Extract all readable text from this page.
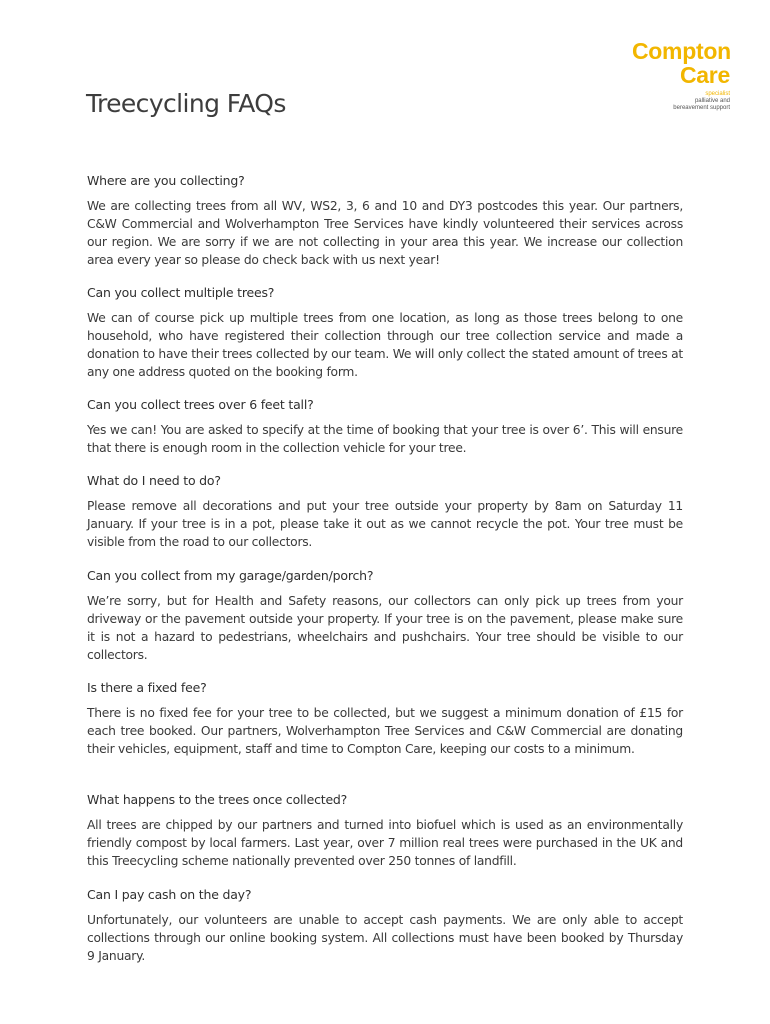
Compton
Care
specialist
palliative and
bereavement support
Treecycling FAQs

Where are you collecting?

We are collecting trees from all WV, WS2, 3, 6 and 10 and DY3 postcodes this year. Our partners, C&W Commercial and Wolverhampton Tree Services have kindly volunteered their services across our region. We are sorry if we are not collecting in your area this year. We increase our collection area every year so please do check back with us next year!

Can you collect multiple trees?

We can of course pick up multiple trees from one location, as long as those trees belong to one household, who have registered their collection through our tree collection service and made a donation to have their trees collected by our team. We will only collect the stated amount of trees at any one address quoted on the booking form.

Can you collect trees over 6 feet tall?

Yes we can! You are asked to specify at the time of booking that your tree is over 6’. This will ensure that there is enough room in the collection vehicle for your tree.

What do I need to do?

Please remove all decorations and put your tree outside your property by 8am on Saturday 11 January. If your tree is in a pot, please take it out as we cannot recycle the pot. Your tree must be visible from the road to our collectors.

Can you collect from my garage/garden/porch?

We’re sorry, but for Health and Safety reasons, our collectors can only pick up trees from your driveway or the pavement outside your property. If your tree is on the pavement, please make sure it is not a hazard to pedestrians, wheelchairs and pushchairs. Your tree should be visible to our collectors.

Is there a fixed fee?

There is no fixed fee for your tree to be collected, but we suggest a minimum donation of £15 for each tree booked. Our partners, Wolverhampton Tree Services and C&W Commercial are donating their vehicles, equipment, staff and time to Compton Care, keeping our costs to a minimum.

What happens to the trees once collected?

All trees are chipped by our partners and turned into biofuel which is used as an environmentally friendly compost by local farmers. Last year, over 7 million real trees were purchased in the UK and this Treecycling scheme nationally prevented over 250 tonnes of landfill.

Can I pay cash on the day?

Unfortunately, our volunteers are unable to accept cash payments. We are only able to accept collections through our online booking system. All collections must have been booked by Thursday 9 January.
